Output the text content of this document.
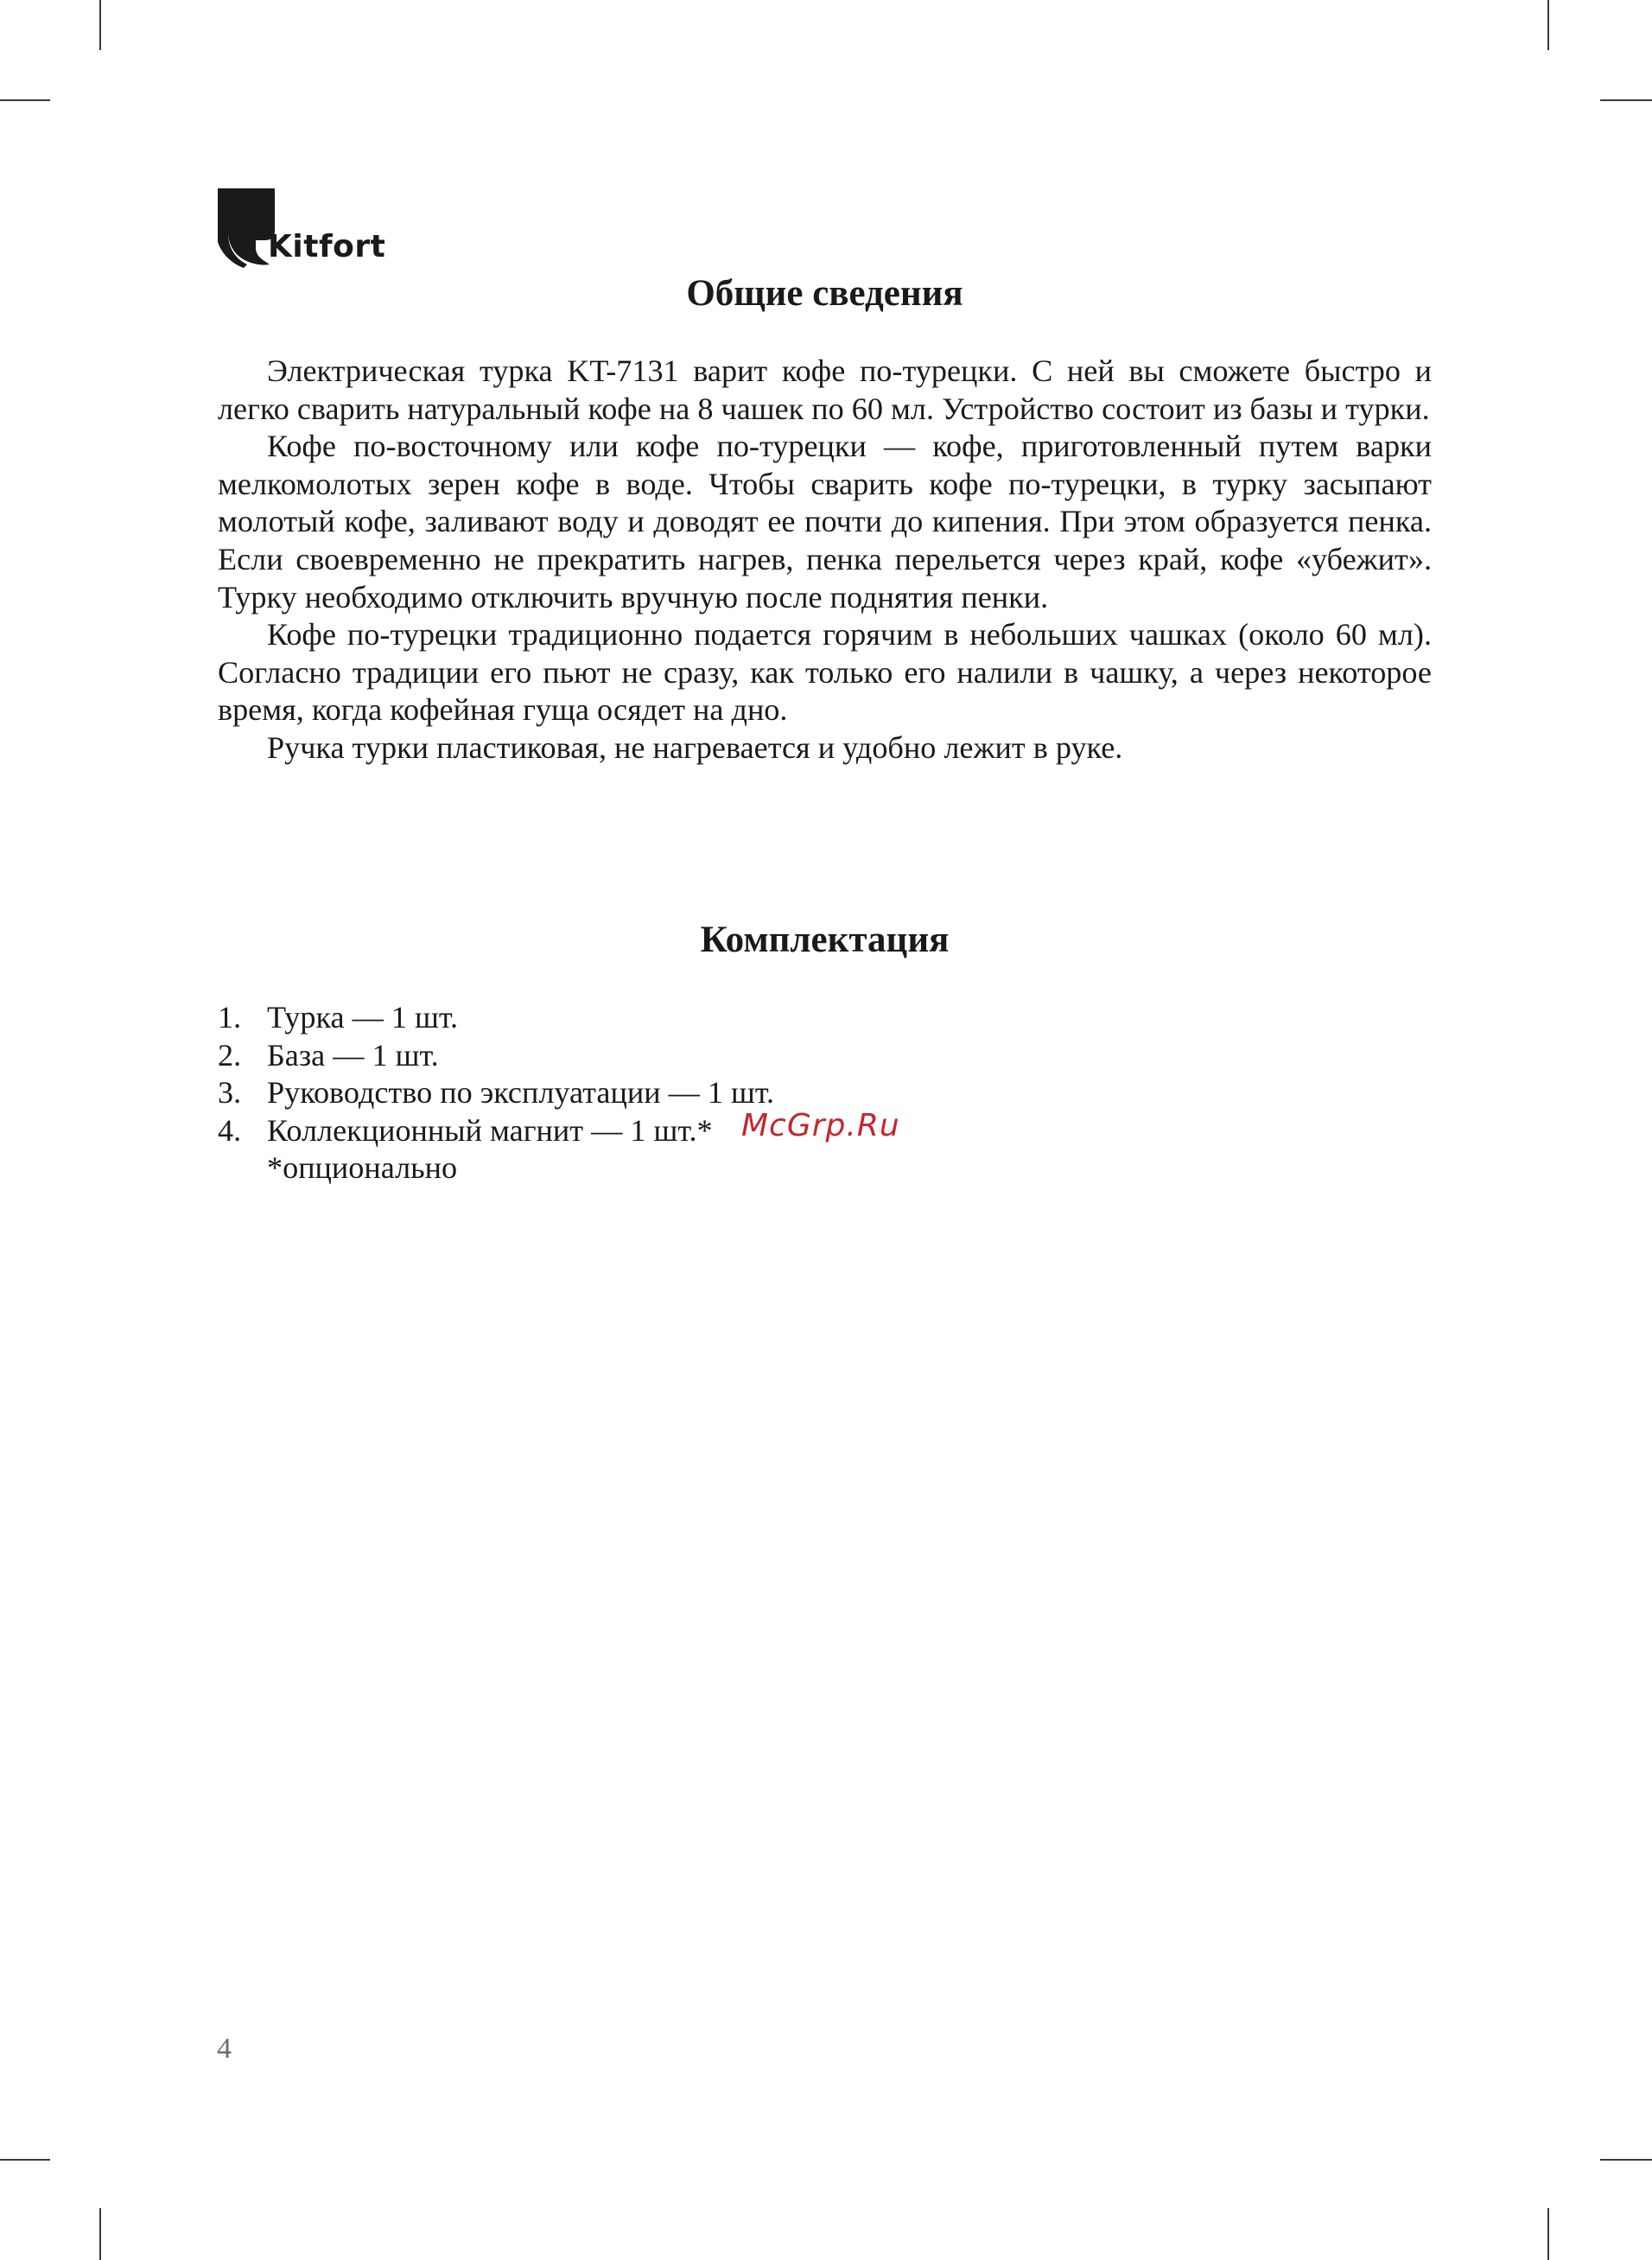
Kitfort
Общие сведения

Электрическая турка KT-7131 варит кофе по-турецки. С ней вы сможете быстро и легко сварить натуральный кофе на 8 чашек по 60 мл. Устройство состоит из базы и турки.

Кофе по-восточному или кофе по-турецки — кофе, приготовленный путем варки мелкомолотых зерен кофе в воде. Чтобы сварить кофе по-турецки, в турку засыпают молотый кофе, заливают воду и доводят ее почти до кипения. При этом образуется пенка. Если своевременно не прекратить нагрев, пенка перельется через край, кофе «убежит». Турку необходимо отключить вручную после поднятия пенки.

Кофе по-турецки традиционно подается горячим в небольших чашках (около 60 мл). Согласно традиции его пьют не сразу, как только его налили в чашку, а через некоторое время, когда кофейная гуща осядет на дно.

Ручка турки пластиковая, не нагревается и удобно лежит в руке.

Комплектация
1. Турка — 1 шт.
2. База — 1 шт.
3. Руководство по эксплуатации — 1 шт.
4. Коллекционный магнит — 1 шт.*
*опционально
McGrp.Ru
4
